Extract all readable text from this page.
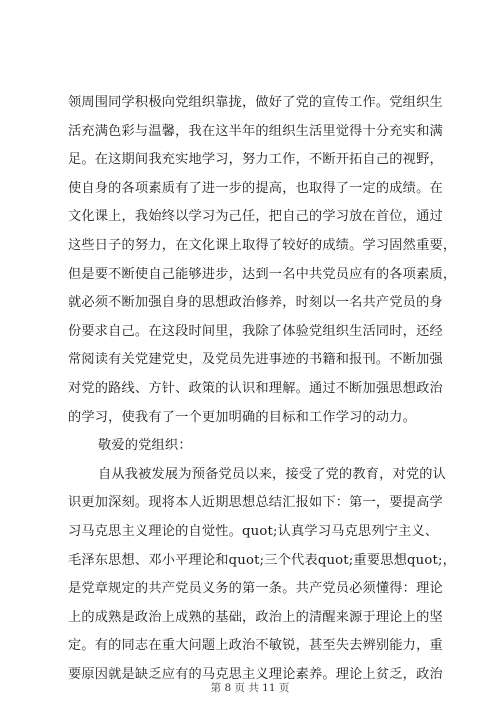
领周围同学积极向党组织靠拢，做好了党的宣传工作。党组织生
活充满色彩与温馨，我在这半年的组织生活里觉得十分充实和满
足。在这期间我充实地学习，努力工作，不断开拓自己的视野，
使自身的各项素质有了进一步的提高，也取得了一定的成绩。在
文化课上，我始终以学习为己任，把自己的学习放在首位，通过
这些日子的努力，在文化课上取得了较好的成绩。学习固然重要，
但是要不断使自己能够进步，达到一名中共党员应有的各项素质，
就必须不断加强自身的思想政治修养，时刻以一名共产党员的身
份要求自己。在这段时间里，我除了体验党组织生活同时，还经
常阅读有关党建党史，及党员先进事迹的书籍和报刊。不断加强
对党的路线、方针、政策的认识和理解。通过不断加强思想政治
的学习，使我有了一个更加明确的目标和工作学习的动力。
敬爱的党组织：
自从我被发展为预备党员以来，接受了党的教育，对党的认
识更加深刻。现将本人近期思想总结汇报如下：第一，要提高学
习马克思主义理论的自觉性。quot;认真学习马克思列宁主义、
毛泽东思想、邓小平理论和quot;三个代表quot;重要思想quot;，
是党章规定的共产党员义务的第一条。共产党员必须懂得：理论
上的成熟是政治上成熟的基础，政治上的清醒来源于理论上的坚
定。有的同志在重大问题上政治不敏锐，甚至失去辨别能力，重
要原因就是缺乏应有的马克思主义理论素养。理论上贫乏，政治
第 8 页 共 11 页
